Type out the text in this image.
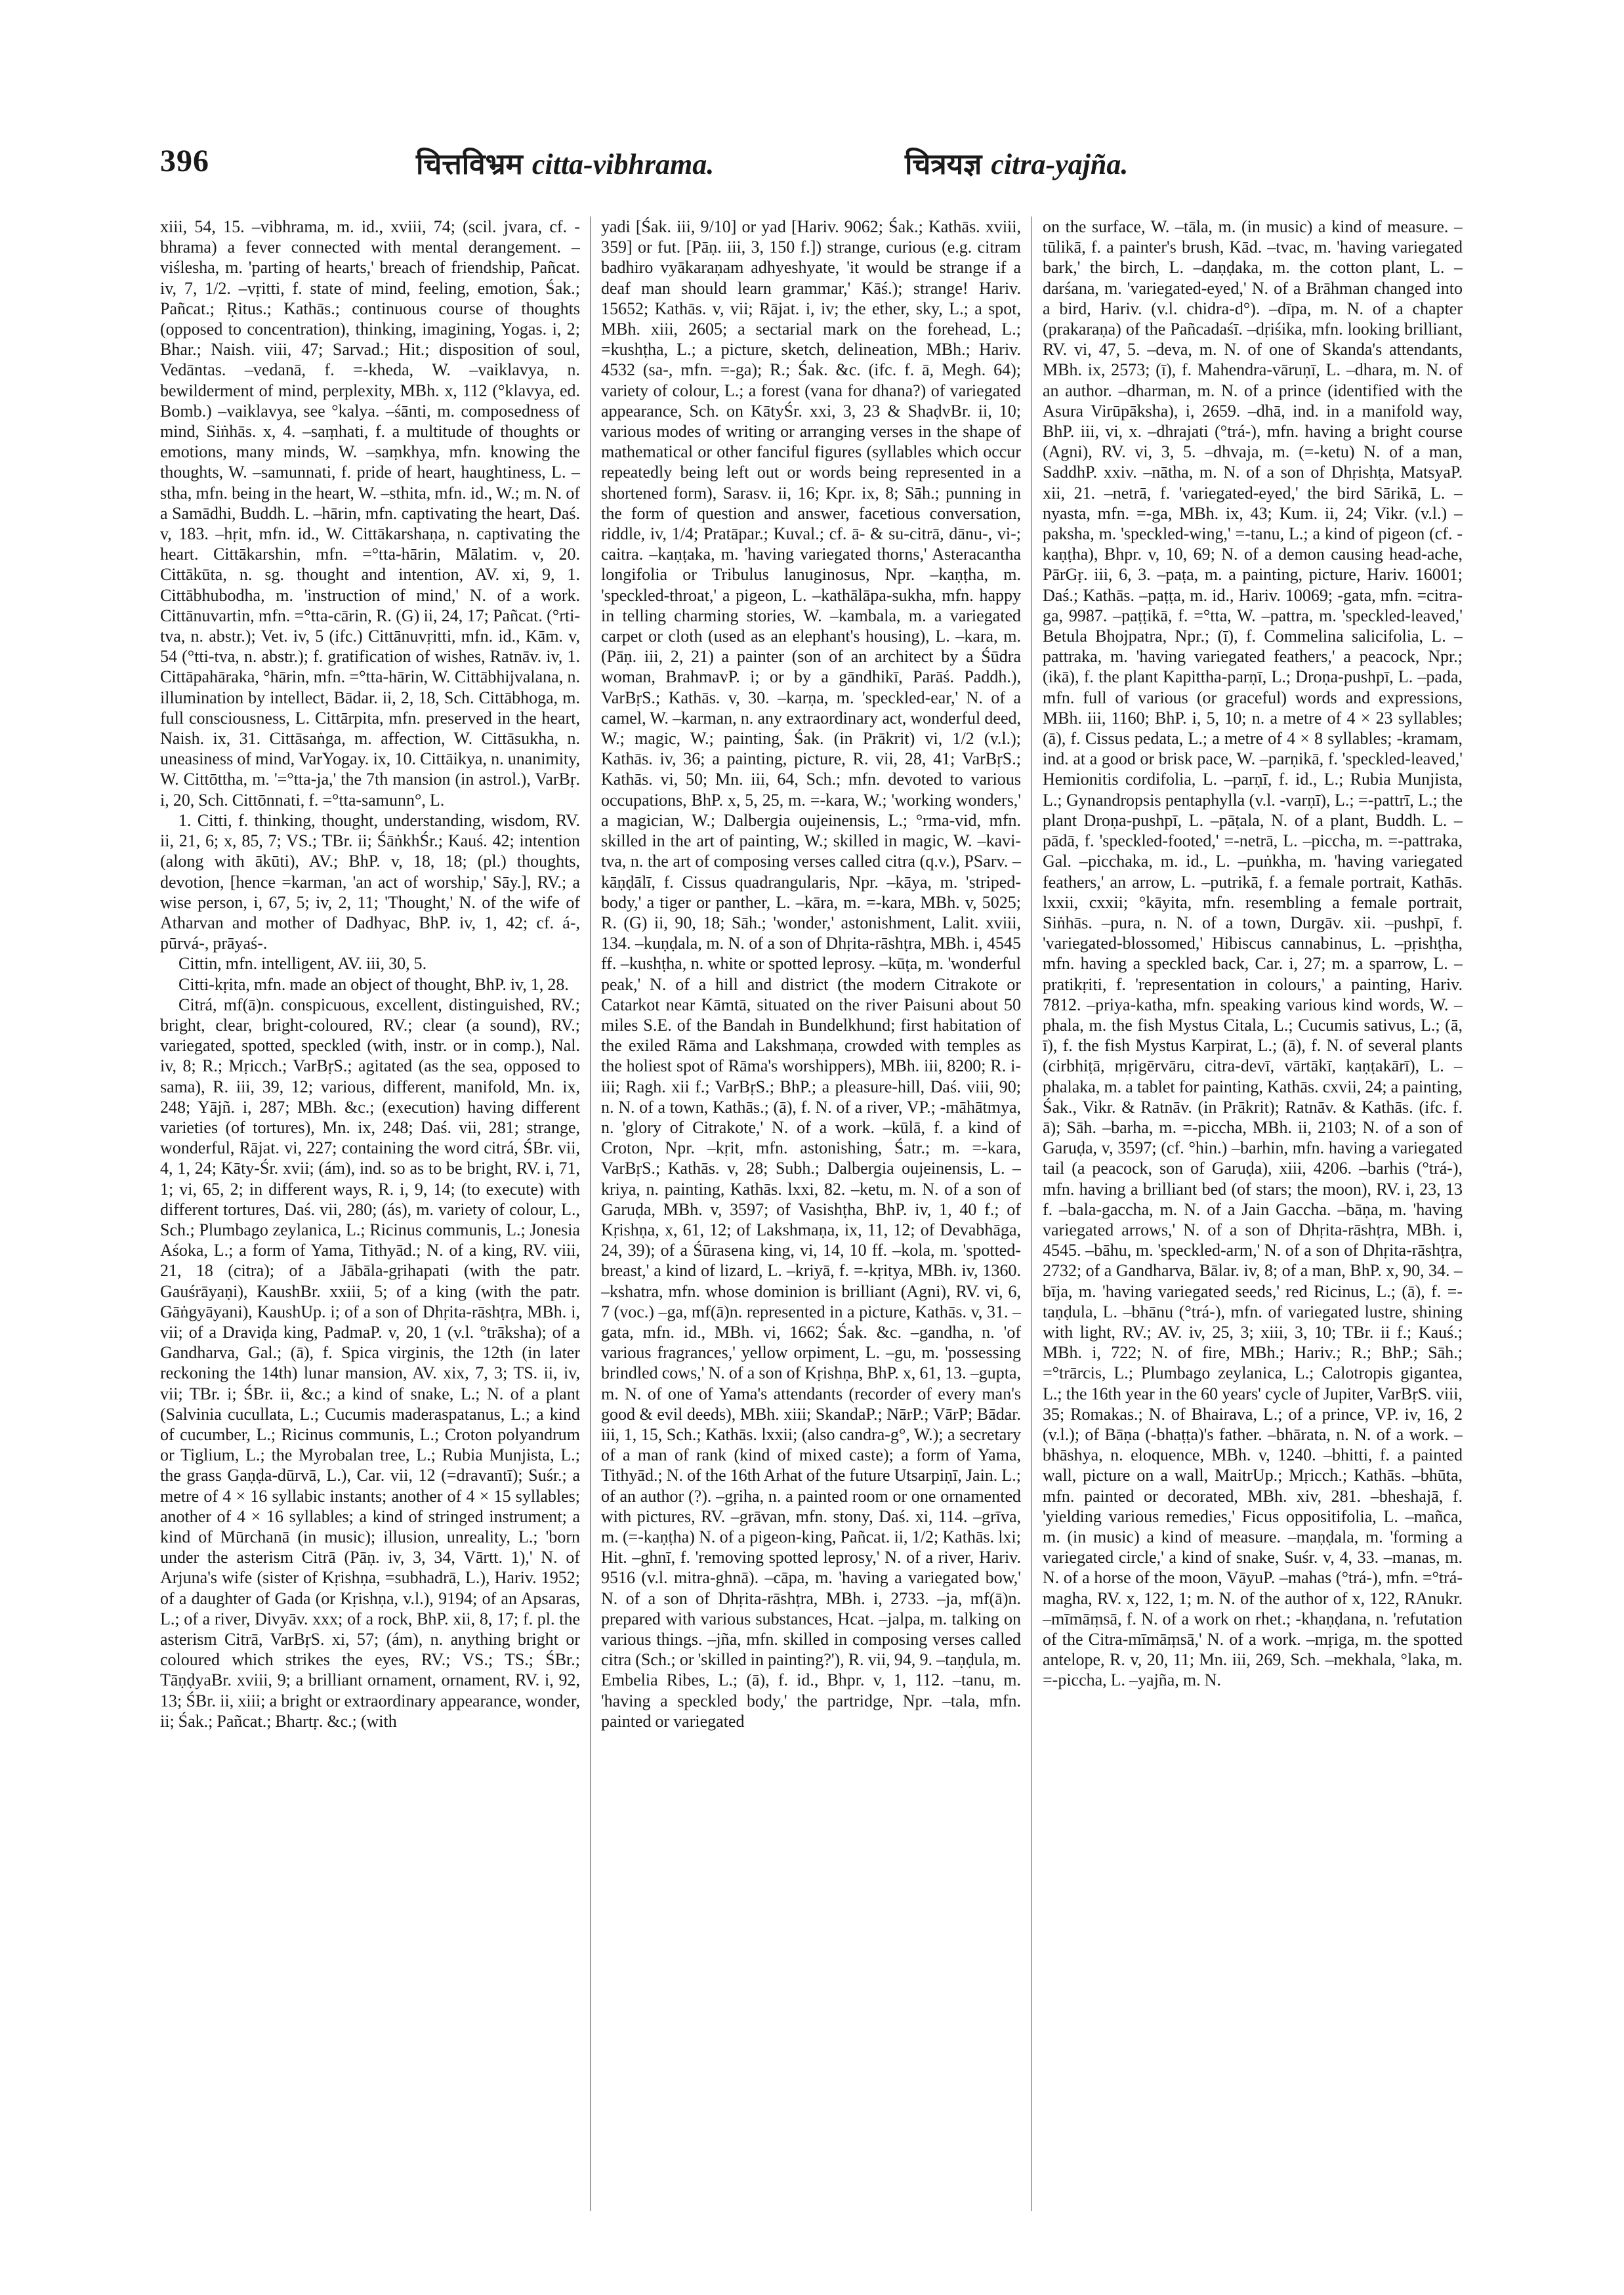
396	चित्तविभ्रम citta-vibhrama.	चित्रयज्ञ citra-yajña.

xiii, 54, 15. –vibhrama, m. id., xviii, 74; (scil. jvara, cf. -bhrama) a fever connected with mental derangement. –viślesha, m. 'parting of hearts,' breach of friendship, Pañcat. iv, 7, 1/2. –vṛitti, f. state of mind, feeling, emotion, Śak.; Pañcat.; Ṛitus.; Kathās.; continuous course of thoughts (opposed to concentration), thinking, imagining, Yogas. i, 2; Bhar.; Naish. viii, 47; Sarvad.; Hit.; disposition of soul, Vedāntas. –vedanā, f. =-kheda, W. –vaiklavya, n. bewilderment of mind, perplexity, MBh. x, 112 (°klavya, ed. Bomb.) –vaiklavya, see °kalya. –śānti, m. composedness of mind, Siṅhās. x, 4. –saṃhati, f. a multitude of thoughts or emotions, many minds, W. –saṃkhya, mfn. knowing the thoughts, W. –samunnati, f. pride of heart, haughtiness, L. –stha, mfn. being in the heart, W. –sthita, mfn. id., W.; m. N. of a Samādhi, Buddh. L. –hārin, mfn. captivating the heart, Daś. v, 183. –hṛit, mfn. id., W. Cittākarshaṇa, n. captivating the heart. Cittākarshin, mfn. =°tta-hārin, Mālatim. v, 20. Cittākūta, n. sg. thought and intention, AV. xi, 9, 1. Cittābhubodha, m. 'instruction of mind,' N. of a work. Cittānuvartin, mfn. =°tta-cārin, R. (G) ii, 24, 17; Pañcat. (°rti-tva, n. abstr.); Vet. iv, 5 (ifc.) Cittānuvṛitti, mfn. id., Kām. v, 54 (°tti-tva, n. abstr.); f. gratification of wishes, Ratnāv. iv, 1. Cittāpahāraka, °hārin, mfn. =°tta-hārin, W. Cittābhijvalana, n. illumination by intellect, Bādar. ii, 2, 18, Sch. Cittābhoga, m. full consciousness, L. Cittārpita, mfn. preserved in the heart, Naish. ix, 31. Cittāsaṅga, m. affection, W. Cittāsukha, n. uneasiness of mind, VarYogay. ix, 10. Cittāikya, n. unanimity, W. Cittōttha, m. '=°tta-ja,' the 7th mansion (in astrol.), VarBṛ. i, 20, Sch. Cittōnnati, f. =°tta-samunn°, L.

1. Citti, f. thinking, thought, understanding, wisdom, RV. ii, 21, 6; x, 85, 7; VS.; TBr. ii; ŚāṅkhŚr.; Kauś. 42; intention (along with ākūti), AV.; BhP. v, 18, 18; (pl.) thoughts, devotion, [hence =karman, 'an act of worship,' Sāy.], RV.; a wise person, i, 67, 5; iv, 2, 11; 'Thought,' N. of the wife of Atharvan and mother of Dadhyac, BhP. iv, 1, 42; cf. á-, pūrvá-, prāyaś-.

Cittin, mfn. intelligent, AV. iii, 30, 5.

Citti-kṛita, mfn. made an object of thought, BhP. iv, 1, 28.

Citrá, mf(ā)n. conspicuous, excellent, distinguished, RV.; bright, clear, bright-coloured, RV.; clear (a sound), RV.; variegated, spotted, speckled (with, instr. or in comp.), Nal. iv, 8; R.; Mṛicch.; VarBṛS.; agitated (as the sea, opposed to sama), R. iii, 39, 12; various, different, manifold, Mn. ix, 248; Yājñ. i, 287; MBh. &c.; (execution) having different varieties (of tortures), Mn. ix, 248; Daś. vii, 281; strange, wonderful, Rājat. vi, 227; containing the word citrá, ŚBr. vii, 4, 1, 24; Kāty-Śr. xvii; (ám), ind. so as to be bright, RV. i, 71, 1; vi, 65, 2; in different ways, R. i, 9, 14; (to execute) with different tortures, Daś. vii, 280; (ás), m. variety of colour, L., Sch.; Plumbago zeylanica, L.; Ricinus communis, L.; Jonesia Aśoka, L.; a form of Yama, Tithyād.; N. of a king, RV. viii, 21, 18 (citra); of a Jābāla-gṛihapati (with the patr. Gauśrāyaṇi), KaushBr. xxiii, 5; of a king (with the patr. Gāṅgyāyani), KaushUp. i; of a son of Dhṛita-rāshṭra, MBh. i, vii; of a Draviḍa king, PadmaP. v, 20, 1 (v.l. °trāksha); of a Gandharva, Gal.; (ā), f. Spica virginis, the 12th (in later reckoning the 14th) lunar mansion, AV. xix, 7, 3; TS. ii, iv, vii; TBr. i; ŚBr. ii, &c.; a kind of snake, L.; N. of a plant (Salvinia cucullata, L.; Cucumis maderaspatanus, L.; a kind of cucumber, L.; Ricinus communis, L.; Croton polyandrum or Tiglium, L.; the Myrobalan tree, L.; Rubia Munjista, L.; the grass Gaṇḍa-dūrvā, L.), Car. vii, 12 (=dravantī); Suśr.; a metre of 4 × 16 syllabic instants; another of 4 × 15 syllables; another of 4 × 16 syllables; a kind of stringed instrument; a kind of Mūrchanā (in music); illusion, unreality, L.; 'born under the asterism Citrā (Pāṇ. iv, 3, 34, Vārtt. 1),' N. of Arjuna's wife (sister of Kṛishṇa, =subhadrā, L.), Hariv. 1952; of a daughter of Gada (or Kṛishṇa, v.l.), 9194; of an Apsaras, L.; of a river, Divyāv. xxx; of a rock, BhP. xii, 8, 17; f. pl. the asterism Citrā, VarBṛS. xi, 57; (ám), n. anything bright or coloured which strikes the eyes, RV.; VS.; TS.; ŚBr.; TāṇḍyaBr. xviii, 9; a brilliant ornament, ornament, RV. i, 92, 13; ŚBr. ii, xiii; a bright or extraordinary appearance, wonder, ii; Śak.; Pañcat.; Bhartṛ. &c.; (with

yadi [Śak. iii, 9/10] or yad [Hariv. 9062; Śak.; Kathās. xviii, 359] or fut. [Pāṇ. iii, 3, 150 f.]) strange, curious (e.g. citram badhiro vyākaraṇam adhyeshyate, 'it would be strange if a deaf man should learn grammar,' Kāś.); strange! Hariv. 15652; Kathās. v, vii; Rājat. i, iv; the ether, sky, L.; a spot, MBh. xiii, 2605; a sectarial mark on the forehead, L.; =kushṭha, L.; a picture, sketch, delineation, MBh.; Hariv. 4532 (sa-, mfn. =-ga); R.; Śak. &c. (ifc. f. ā, Megh. 64); variety of colour, L.; a forest (vana for dhana?) of variegated appearance, Sch. on KātyŚr. xxi, 3, 23 & ShaḍvBr. ii, 10; various modes of writing or arranging verses in the shape of mathematical or other fanciful figures (syllables which occur repeatedly being left out or words being represented in a shortened form), Sarasv. ii, 16; Kpr. ix, 8; Sāh.; punning in the form of question and answer, facetious conversation, riddle, iv, 1/4; Pratāpar.; Kuval.; cf. ā- & su-citrā, dānu-, vi-; caitra. –kaṇṭaka, m. 'having variegated thorns,' Asteracantha longifolia or Tribulus lanuginosus, Npr. –kaṇṭha, m. 'speckled-throat,' a pigeon, L. –kathālāpa-sukha, mfn. happy in telling charming stories, W. –kambala, m. a variegated carpet or cloth (used as an elephant's housing), L. –kara, m. (Pāṇ. iii, 2, 21) a painter (son of an architect by a Śūdra woman, BrahmavP. i; or by a gāndhikī, Parāś. Paddh.), VarBṛS.; Kathās. v, 30. –karṇa, m. 'speckled-ear,' N. of a camel, W. –karman, n. any extraordinary act, wonderful deed, W.; magic, W.; painting, Śak. (in Prākrit) vi, 1/2 (v.l.); Kathās. iv, 36; a painting, picture, R. vii, 28, 41; VarBṛS.; Kathās. vi, 50; Mn. iii, 64, Sch.; mfn. devoted to various occupations, BhP. x, 5, 25, m. =-kara, W.; 'working wonders,' a magician, W.; Dalbergia oujeinensis, L.; °rma-vid, mfn. skilled in the art of painting, W.; skilled in magic, W. –kavi-tva, n. the art of composing verses called citra (q.v.), PSarv. –kāṇḍālī, f. Cissus quadrangularis, Npr. –kāya, m. 'striped-body,' a tiger or panther, L. –kāra, m. =-kara, MBh. v, 5025; R. (G) ii, 90, 18; Sāh.; 'wonder,' astonishment, Lalit. xviii, 134. –kuṇḍala, m. N. of a son of Dhṛita-rāshṭra, MBh. i, 4545 ff. –kushṭha, n. white or spotted leprosy. –kūṭa, m. 'wonderful peak,' N. of a hill and district (the modern Citrakote or Catarkot near Kāmtā, situated on the river Paisuni about 50 miles S.E. of the Bandah in Bundelkhund; first habitation of the exiled Rāma and Lakshmaṇa, crowded with temples as the holiest spot of Rāma's worshippers), MBh. iii, 8200; R. i-iii; Ragh. xii f.; VarBṛS.; BhP.; a pleasure-hill, Daś. viii, 90; n. N. of a town, Kathās.; (ā), f. N. of a river, VP.; -māhātmya, n. 'glory of Citrakote,' N. of a work. –kūlā, f. a kind of Croton, Npr. –kṛit, mfn. astonishing, Śatr.; m. =-kara, VarBṛS.; Kathās. v, 28; Subh.; Dalbergia oujeinensis, L. –kriya, n. painting, Kathās. lxxi, 82. –ketu, m. N. of a son of Garuḍa, MBh. v, 3597; of Vasishṭha, BhP. iv, 1, 40 f.; of Kṛishṇa, x, 61, 12; of Lakshmaṇa, ix, 11, 12; of Devabhāga, 24, 39); of a Śūrasena king, vi, 14, 10 ff. –kola, m. 'spotted-breast,' a kind of lizard, L. –kriyā, f. =-kṛitya, MBh. iv, 1360. –kshatra, mfn. whose dominion is brilliant (Agni), RV. vi, 6, 7 (voc.) –ga, mf(ā)n. represented in a picture, Kathās. v, 31. –gata, mfn. id., MBh. vi, 1662; Śak. &c. –gandha, n. 'of various fragrances,' yellow orpiment, L. –gu, m. 'possessing brindled cows,' N. of a son of Kṛishṇa, BhP. x, 61, 13. –gupta, m. N. of one of Yama's attendants (recorder of every man's good & evil deeds), MBh. xiii; SkandaP.; NārP.; VārP; Bādar. iii, 1, 15, Sch.; Kathās. lxxii; (also candra-g°, W.); a secretary of a man of rank (kind of mixed caste); a form of Yama, Tithyād.; N. of the 16th Arhat of the future Utsarpiṇī, Jain. L.; of an author (?). –gṛiha, n. a painted room or one ornamented with pictures, RV. –grāvan, mfn. stony, Daś. xi, 114. –grīva, m. (=-kaṇṭha) N. of a pigeon-king, Pañcat. ii, 1/2; Kathās. lxi; Hit. –ghnī, f. 'removing spotted leprosy,' N. of a river, Hariv. 9516 (v.l. mitra-ghnā). –cāpa, m. 'having a variegated bow,' N. of a son of Dhṛita-rāshṭra, MBh. i, 2733. –ja, mf(ā)n. prepared with various substances, Hcat. –jalpa, m. talking on various things. –jña, mfn. skilled in composing verses called citra (Sch.; or 'skilled in painting?'), R. vii, 94, 9. –taṇḍula, m. Embelia Ribes, L.; (ā), f. id., Bhpr. v, 1, 112. –tanu, m. 'having a speckled body,' the partridge, Npr. –tala, mfn. painted or variegated

on the surface, W. –tāla, m. (in music) a kind of measure. –tūlikā, f. a painter's brush, Kād. –tvac, m. 'having variegated bark,' the birch, L. –daṇḍaka, m. the cotton plant, L. –darśana, m. 'variegated-eyed,' N. of a Brāhman changed into a bird, Hariv. (v.l. chidra-d°). –dīpa, m. N. of a chapter (prakaraṇa) of the Pañcadaśī. –dṛiśika, mfn. looking brilliant, RV. vi, 47, 5. –deva, m. N. of one of Skanda's attendants, MBh. ix, 2573; (ī), f. Mahendra-vāruṇī, L. –dhara, m. N. of an author. –dharman, m. N. of a prince (identified with the Asura Virūpāksha), i, 2659. –dhā, ind. in a manifold way, BhP. iii, vi, x. –dhrajati (°trá-), mfn. having a bright course (Agni), RV. vi, 3, 5. –dhvaja, m. (=-ketu) N. of a man, SaddhP. xxiv. –nātha, m. N. of a son of Dhṛishṭa, MatsyaP. xii, 21. –netrā, f. 'variegated-eyed,' the bird Sārikā, L. –nyasta, mfn. =-ga, MBh. ix, 43; Kum. ii, 24; Vikr. (v.l.) –paksha, m. 'speckled-wing,' =-tanu, L.; a kind of pigeon (cf. -kaṇṭha), Bhpr. v, 10, 69; N. of a demon causing head-ache, PārGṛ. iii, 6, 3. –paṭa, m. a painting, picture, Hariv. 16001; Daś.; Kathās. –paṭṭa, m. id., Hariv. 10069; -gata, mfn. =citra-ga, 9987. –paṭṭikā, f. =°tta, W. –pattra, m. 'speckled-leaved,' Betula Bhojpatra, Npr.; (ī), f. Commelina salicifolia, L. –pattraka, m. 'having variegated feathers,' a peacock, Npr.; (ikā), f. the plant Kapittha-parṇī, L.; Droṇa-pushpī, L. –pada, mfn. full of various (or graceful) words and expressions, MBh. iii, 1160; BhP. i, 5, 10; n. a metre of 4 × 23 syllables; (ā), f. Cissus pedata, L.; a metre of 4 × 8 syllables; -kramam, ind. at a good or brisk pace, W. –parṇikā, f. 'speckled-leaved,' Hemionitis cordifolia, L. –parṇī, f. id., L.; Rubia Munjista, L.; Gynandropsis pentaphylla (v.l. -varṇī), L.; =-pattrī, L.; the plant Droṇa-pushpī, L. –pāṭala, N. of a plant, Buddh. L. –pādā, f. 'speckled-footed,' =-netrā, L. –piccha, m. =-pattraka, Gal. –picchaka, m. id., L. –puṅkha, m. 'having variegated feathers,' an arrow, L. –putrikā, f. a female portrait, Kathās. lxxii, cxxii; °kāyita, mfn. resembling a female portrait, Siṅhās. –pura, n. N. of a town, Durgāv. xii. –pushpī, f. 'variegated-blossomed,' Hibiscus cannabinus, L. –pṛishṭha, mfn. having a speckled back, Car. i, 27; m. a sparrow, L. –pratikṛiti, f. 'representation in colours,' a painting, Hariv. 7812. –priya-katha, mfn. speaking various kind words, W. –phala, m. the fish Mystus Citala, L.; Cucumis sativus, L.; (ā, ī), f. the fish Mystus Karpirat, L.; (ā), f. N. of several plants (cirbhiṭā, mṛigērvāru, citra-devī, vārtākī, kaṇṭakārī), L. –phalaka, m. a tablet for painting, Kathās. cxvii, 24; a painting, Śak., Vikr. & Ratnāv. (in Prākrit); Ratnāv. & Kathās. (ifc. f. ā); Sāh. –barha, m. =-piccha, MBh. ii, 2103; N. of a son of Garuḍa, v, 3597; (cf. °hin.) –barhin, mfn. having a variegated tail (a peacock, son of Garuḍa), xiii, 4206. –barhis (°trá-), mfn. having a brilliant bed (of stars; the moon), RV. i, 23, 13 f. –bala-gaccha, m. N. of a Jain Gaccha. –bāṇa, m. 'having variegated arrows,' N. of a son of Dhṛita-rāshṭra, MBh. i, 4545. –bāhu, m. 'speckled-arm,' N. of a son of Dhṛita-rāshṭra, 2732; of a Gandharva, Bālar. iv, 8; of a man, BhP. x, 90, 34. –bīja, m. 'having variegated seeds,' red Ricinus, L.; (ā), f. =-taṇḍula, L. –bhānu (°trá-), mfn. of variegated lustre, shining with light, RV.; AV. iv, 25, 3; xiii, 3, 10; TBr. ii f.; Kauś.; MBh. i, 722; N. of fire, MBh.; Hariv.; R.; BhP.; Sāh.; =°trārcis, L.; Plumbago zeylanica, L.; Calotropis gigantea, L.; the 16th year in the 60 years' cycle of Jupiter, VarBṛS. viii, 35; Romakas.; N. of Bhairava, L.; of a prince, VP. iv, 16, 2 (v.l.); of Bāṇa (-bhaṭṭa)'s father. –bhārata, n. N. of a work. –bhāshya, n. eloquence, MBh. v, 1240. –bhitti, f. a painted wall, picture on a wall, MaitrUp.; Mṛicch.; Kathās. –bhūta, mfn. painted or decorated, MBh. xiv, 281. –bheshajā, f. 'yielding various remedies,' Ficus oppositifolia, L. –mañca, m. (in music) a kind of measure. –maṇḍala, m. 'forming a variegated circle,' a kind of snake, Suśr. v, 4, 33. –manas, m. N. of a horse of the moon, VāyuP. –mahas (°trá-), mfn. =°trá-magha, RV. x, 122, 1; m. N. of the author of x, 122, RAnukr. –mīmāṃsā, f. N. of a work on rhet.; -khaṇḍana, n. 'refutation of the Citra-mīmāṃsā,' N. of a work. –mṛiga, m. the spotted antelope, R. v, 20, 11; Mn. iii, 269, Sch. –mekhala, °laka, m. =-piccha, L. –yajña, m. N.
